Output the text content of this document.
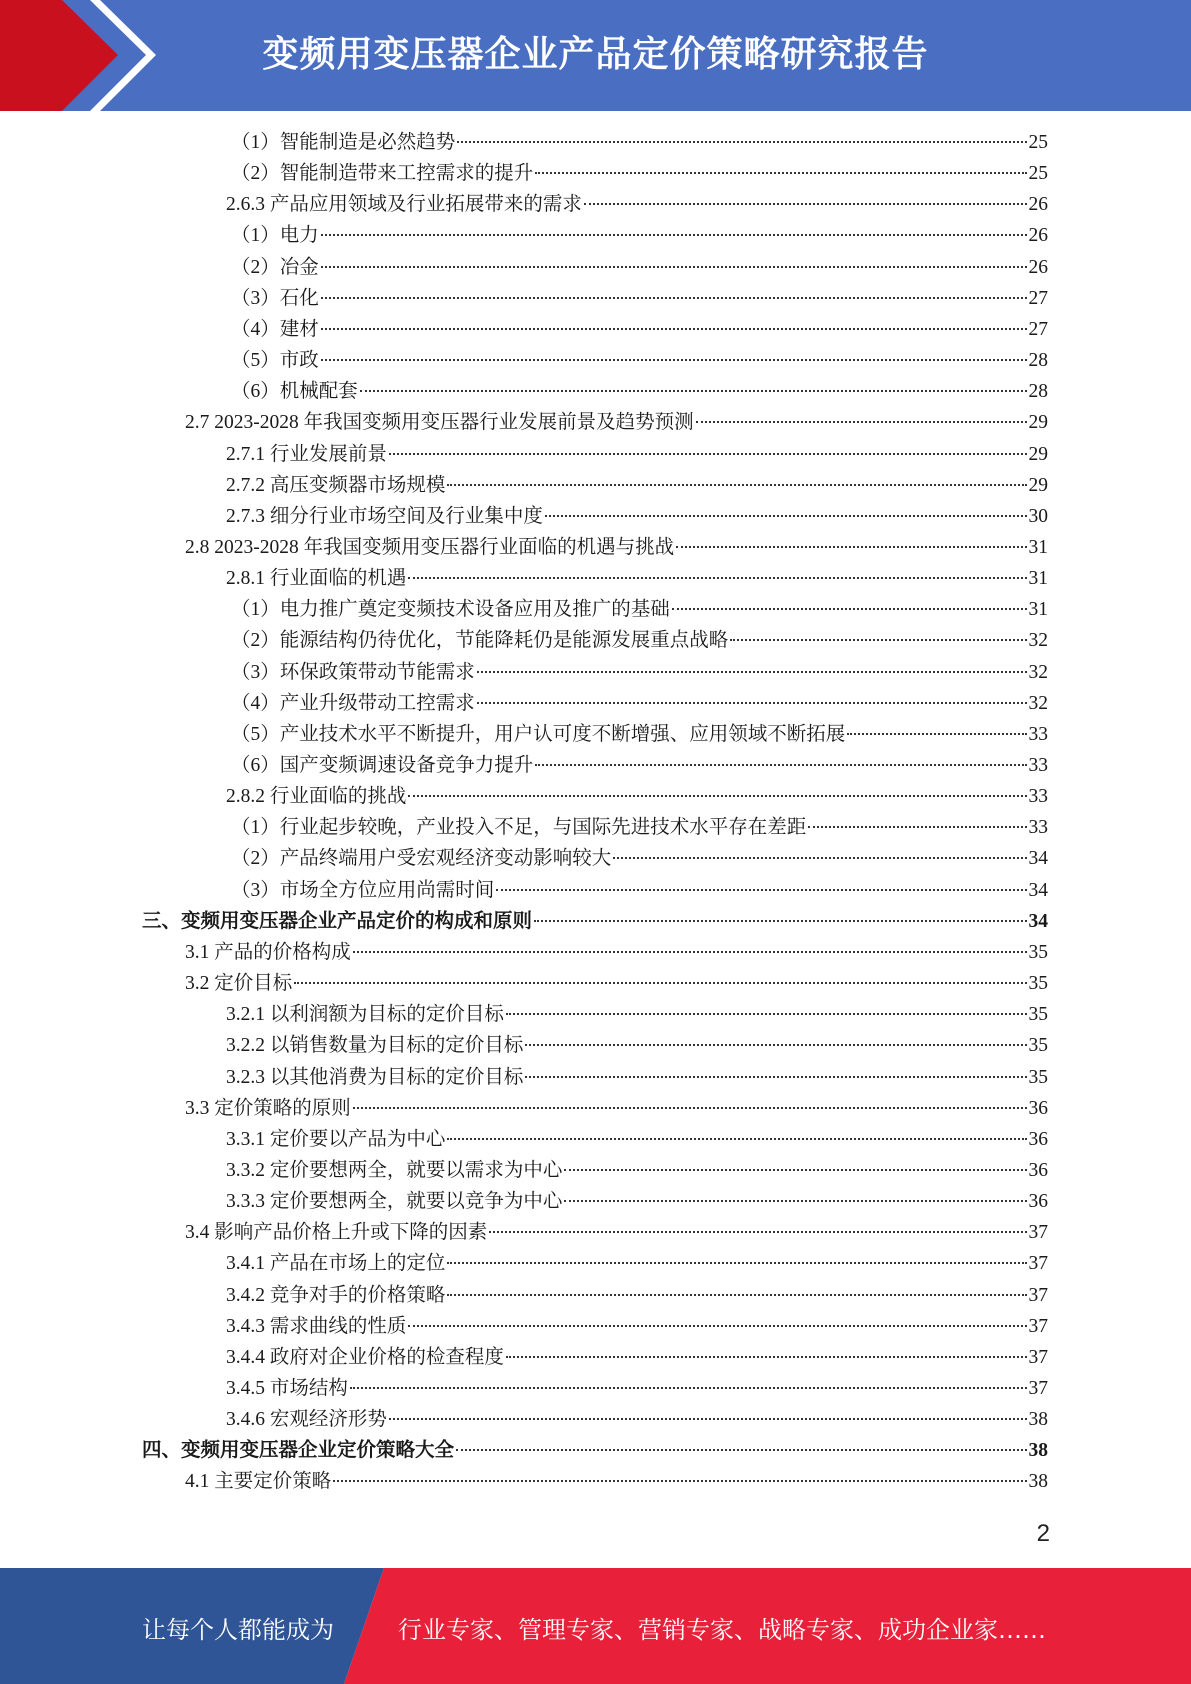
变频用变压器企业产品定价策略研究报告
（1）智能制造是必然趋势	25
（2）智能制造带来工控需求的提升	25
2.6.3 产品应用领域及行业拓展带来的需求	26
（1）电力	26
（2）冶金	26
（3）石化	27
（4）建材	27
（5）市政	28
（6）机械配套	28
2.7 2023-2028 年我国变频用变压器行业发展前景及趋势预测	29
2.7.1 行业发展前景	29
2.7.2 高压变频器市场规模	29
2.7.3 细分行业市场空间及行业集中度	30
2.8 2023-2028 年我国变频用变压器行业面临的机遇与挑战	31
2.8.1 行业面临的机遇	31
（1）电力推广奠定变频技术设备应用及推广的基础	31
（2）能源结构仍待优化，节能降耗仍是能源发展重点战略	32
（3）环保政策带动节能需求	32
（4）产业升级带动工控需求	32
（5）产业技术水平不断提升，用户认可度不断增强、应用领域不断拓展	33
（6）国产变频调速设备竞争力提升	33
2.8.2 行业面临的挑战	33
（1）行业起步较晚，产业投入不足，与国际先进技术水平存在差距	33
（2）产品终端用户受宏观经济变动影响较大	34
（3）市场全方位应用尚需时间	34
三、变频用变压器企业产品定价的构成和原则	34
3.1 产品的价格构成	35
3.2 定价目标	35
3.2.1 以利润额为目标的定价目标	35
3.2.2 以销售数量为目标的定价目标	35
3.2.3 以其他消费为目标的定价目标	35
3.3 定价策略的原则	36
3.3.1 定价要以产品为中心	36
3.3.2 定价要想两全，就要以需求为中心	36
3.3.3 定价要想两全，就要以竞争为中心	36
3.4 影响产品价格上升或下降的因素	37
3.4.1 产品在市场上的定位	37
3.4.2 竞争对手的价格策略	37
3.4.3 需求曲线的性质	37
3.4.4 政府对企业价格的检查程度	37
3.4.5 市场结构	37
3.4.6 宏观经济形势	38
四、变频用变压器企业定价策略大全	38
4.1 主要定价策略	38
2
让每个人都能成为	行业专家、管理专家、营销专家、战略专家、成功企业家……
